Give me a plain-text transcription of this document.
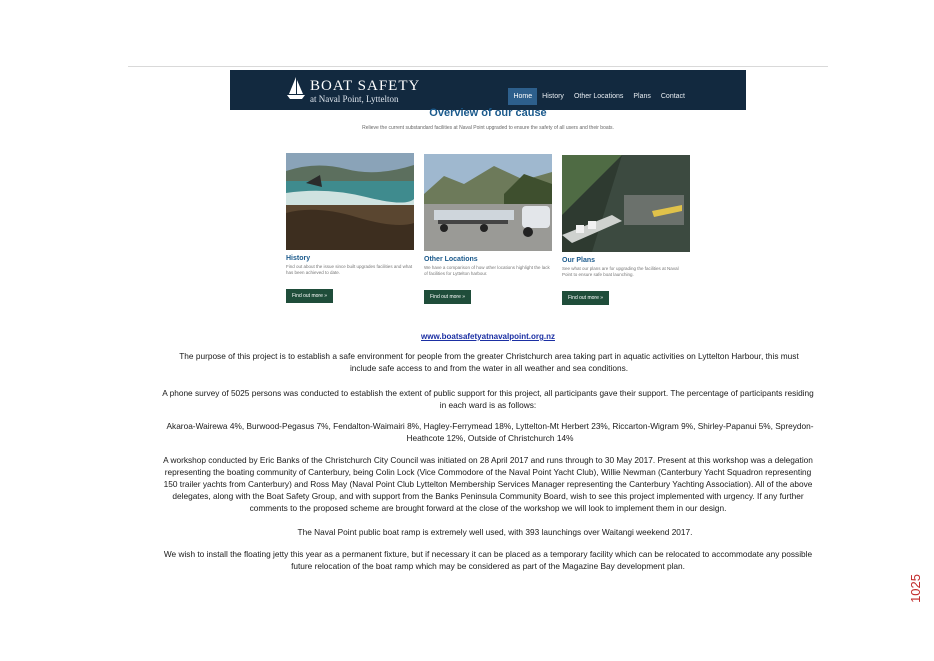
BOAT SAFETY
at Naval Point, Lyttelton	Home	History	Other Locations	Plans	Contact
Overview of our cause
Relieve the current substandard facilities at Naval Point upgraded to ensure the safety of all users and their boats.
History
Find out about the issue since built upgrades facilities and what has been achieved to date.
Find out more »
Other Locations
We have a comparison of how other locations highlight the lack of facilities for Lyttelton harbour.
Find out more »
Our Plans
See what our plans are for upgrading the facilities at Naval Point to ensure safe boat launching.
Find out more »
www.boatsafetyatnavalpoint.org.nz
The purpose of this project is to establish a safe environment for people from the greater Christchurch area taking part in aquatic activities on Lyttelton Harbour, this must include safe access to and from the water in all weather and sea conditions.
A phone survey of 5025 persons was conducted to establish the extent of public support for this project, all participants gave their support. The percentage of participants residing in each ward is as follows:
Akaroa-Wairewa 4%, Burwood-Pegasus 7%, Fendalton-Waimairi 8%, Hagley-Ferrymead 18%, Lyttelton-Mt Herbert 23%, Riccarton-Wigram 9%, Shirley-Papanui 5%, Spreydon-Heathcote 12%, Outside of Christchurch 14%
A workshop conducted by Eric Banks of the Christchurch City Council was initiated on 28 April 2017 and runs through to 30 May 2017. Present at this workshop was a delegation representing the boating community of Canterbury, being Colin Lock (Vice Commodore of the Naval Point Yacht Club), Willie Newman (Canterbury Yacht Squadron representing 150 trailer yachts from Canterbury) and Ross May (Naval Point Club Lyttelton Membership Services Manager representing the Canterbury Yachting Association). All of the above delegates, along with the Boat Safety Group, and with support from the Banks Peninsula Community Board, wish to see this project implemented with urgency. If any further comments to the proposed scheme are brought forward at the close of the workshop we will look to implement them in our design.
The Naval Point public boat ramp is extremely well used, with 393 launchings over Waitangi weekend 2017.
We wish to install the floating jetty this year as a permanent fixture, but if necessary it can be placed as a temporary facility which can be relocated to accommodate any possible future relocation of the boat ramp which may be considered as part of the Magazine Bay development plan.
1025
